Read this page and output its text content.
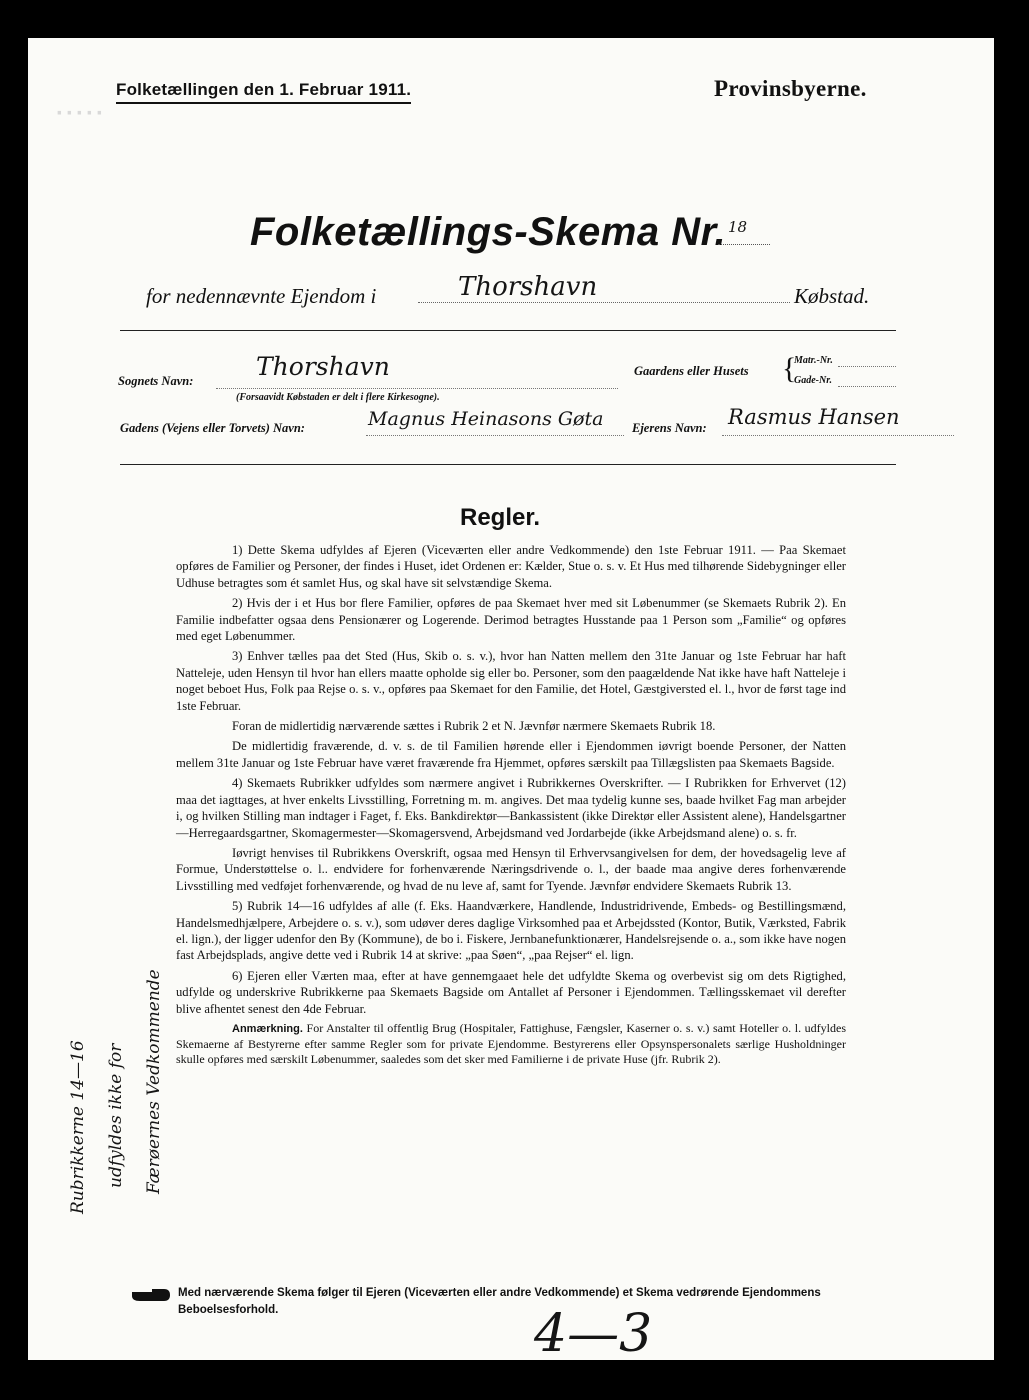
·····
Folketællingen den 1. Februar 1911.	Provinsbyerne.
Folketællings-Skema Nr. 18
for nedennævnte Ejendom i	Thorshavn	Købstad.
Sognets Navn:	Thorshavn
(Forsaavidt Købstaden er delt i flere Kirkesogne).
Gaardens eller Husets {
Matr.-Nr.
Gade-Nr.
Gadens (Vejens eller Torvets) Navn:	Magnus Heinasons Gøta Ejerens Navn: Rasmus Hansen
Regler.

1) Dette Skema udfyldes af Ejeren (Viceværten eller andre Vedkommende) den 1ste Februar 1911. — Paa Skemaet opføres de Familier og Personer, der findes i Huset, idet Ordenen er: Kælder, Stue o. s. v. Et Hus med tilhørende Sidebygninger eller Udhuse betragtes som ét samlet Hus, og skal have sit selvstændige Skema.

2) Hvis der i et Hus bor flere Familier, opføres de paa Skemaet hver med sit Løbenummer (se Skemaets Rubrik 2). En Familie indbefatter ogsaa dens Pensionærer og Logerende. Derimod betragtes Husstande paa 1 Person som „Familie“ og opføres med eget Løbenummer.

3) Enhver tælles paa det Sted (Hus, Skib o. s. v.), hvor han Natten mellem den 31te Januar og 1ste Februar har haft Natteleje, uden Hensyn til hvor han ellers maatte opholde sig eller bo. Personer, som den paagældende Nat ikke have haft Natteleje i noget beboet Hus, Folk paa Rejse o. s. v., opføres paa Skemaet for den Familie, det Hotel, Gæstgiversted el. l., hvor de først tage ind 1ste Februar.

Foran de midlertidig nærværende sættes i Rubrik 2 et N. Jævnfør nærmere Skemaets Rubrik 18.

De midlertidig fraværende, d. v. s. de til Familien hørende eller i Ejendommen iøvrigt boende Personer, der Natten mellem 31te Januar og 1ste Februar have været fraværende fra Hjemmet, opføres særskilt paa Tillægslisten paa Skemaets Bagside.

4) Skemaets Rubrikker udfyldes som nærmere angivet i Rubrikkernes Overskrifter. — I Rubrikken for Erhvervet (12) maa det iagttages, at hver enkelts Livsstilling, Forretning m. m. angives. Det maa tydelig kunne ses, baade hvilket Fag man arbejder i, og hvilken Stilling man indtager i Faget, f. Eks. Bankdirektør—Bankassistent (ikke Direktør eller Assistent alene), Handelsgartner—Herregaardsgartner, Skomagermester—Skomagersvend, Arbejdsmand ved Jordarbejde (ikke Arbejdsmand alene) o. s. fr.

Iøvrigt henvises til Rubrikkens Overskrift, ogsaa med Hensyn til Erhvervsangivelsen for dem, der hovedsagelig leve af Formue, Understøttelse o. l.. endvidere for forhenværende Næringsdrivende o. l., der baade maa angive deres forhenværende Livsstilling med vedføjet forhenværende, og hvad de nu leve af, samt for Tyende. Jævnfør endvidere Skemaets Rubrik 13.

5) Rubrik 14—16 udfyldes af alle (f. Eks. Haandværkere, Handlende, Industridrivende, Embeds- og Bestillingsmænd, Handelsmedhjælpere, Arbejdere o. s. v.), som udøver deres daglige Virksomhed paa et Arbejdssted (Kontor, Butik, Værksted, Fabrik el. lign.), der ligger udenfor den By (Kommune), de bo i. Fiskere, Jernbanefunktionærer, Handelsrejsende o. a., som ikke have nogen fast Arbejdsplads, angive dette ved i Rubrik 14 at skrive: „paa Søen“, „paa Rejser“ el. lign.

6) Ejeren eller Værten maa, efter at have gennemgaaet hele det udfyldte Skema og overbevist sig om dets Rigtighed, udfylde og underskrive Rubrikkerne paa Skemaets Bagside om Antallet af Personer i Ejendommen. Tællingsskemaet vil derefter blive afhentet senest den 4de Februar.

Anmærkning. For Anstalter til offentlig Brug (Hospitaler, Fattighuse, Fængsler, Kaserner o. s. v.) samt Hoteller o. l. udfyldes Skemaerne af Bestyrerne efter samme Regler som for private Ejendomme. Bestyrerens eller Opsynspersonalets særlige Husholdninger skulle opføres med særskilt Løbenummer, saaledes som det sker med Familierne i de private Huse (jfr. Rubrik 2).

Med nærværende Skema følger til Ejeren (Viceværten eller andre Vedkommende) et Skema vedrørende Ejendommens Beboelsesforhold.	4—3
Rubrikkerne 14—16 udfyldes ikke for Færøernes Vedkommende
